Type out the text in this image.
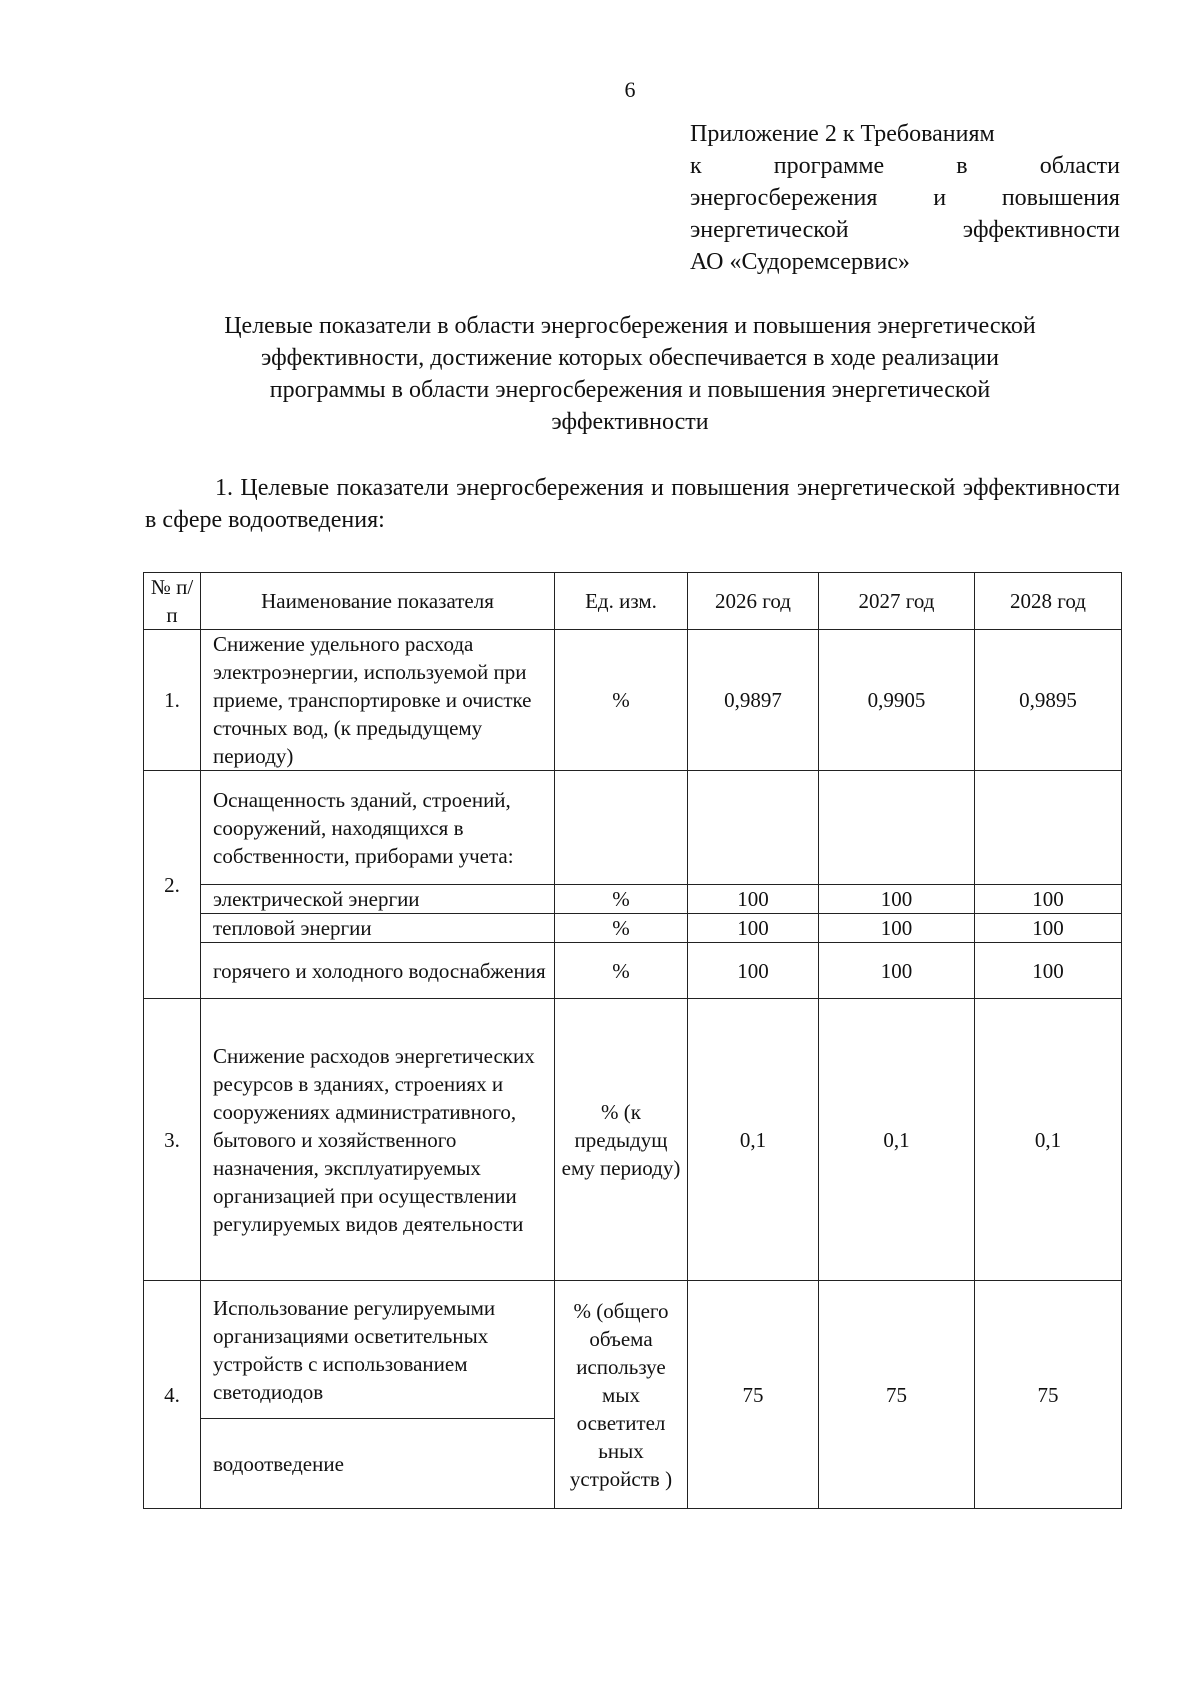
6
Приложение 2 к Требованиям
к	программе	в	области
энергосбережения и повышения
энергетической	эффективности
АО «Судоремсервис»
Целевые показатели в области энергосбережения и повышения энергетической
эффективности, достижение которых обеспечивается в ходе реализации
программы в области энергосбережения и повышения энергетической
эффективности
1. Целевые показатели энергосбережения и повышения энергетической эффективности в сфере водоотведения:
№ п/п	Наименование показателя	Ед. изм.	2026 год	2027 год	2028 год
1.	Снижение удельного расхода электроэнергии, используемой при приеме, транспортировке и очистке сточных вод, (к предыдущему периоду)	%	0,9897	0,9905	0,9895
2.	Оснащенность зданий, строений, сооружений, находящихся в собственности, приборами учета:				
	электрической энергии	%	100	100	100
	тепловой энергии	%	100	100	100
	горячего и холодного водоснабжения	%	100	100	100
3.	Снижение расходов энергетических ресурсов в зданиях, строениях и сооружениях административного, бытового и хозяйственного назначения, эксплуатируемых организацией при осуществлении регулируемых видов деятельности	% (к предыдущ ему периоду)	0,1	0,1	0,1
4.	Использование регулируемыми организациями осветительных устройств с использованием светодиодов	% (общего объема используе мых осветител ьных устройств )	75	75	75
	водоотведение				
